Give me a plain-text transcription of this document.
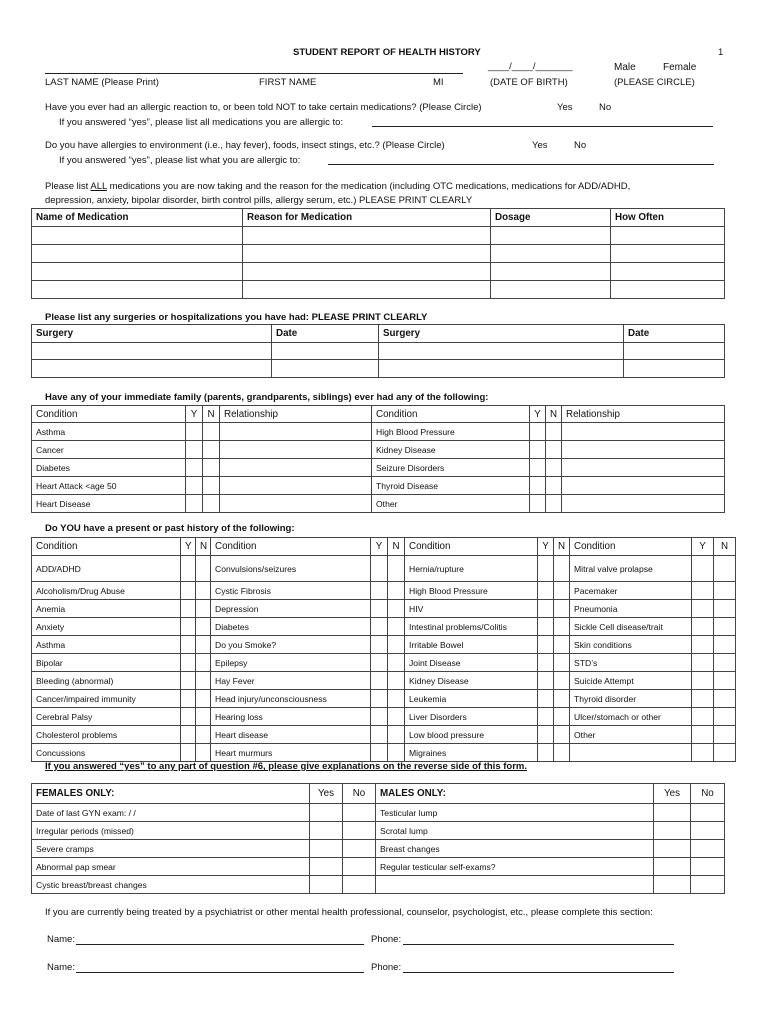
STUDENT REPORT OF HEALTH HISTORY	1
____/____/_______	Male	Female
LAST NAME (Please Print)	FIRST NAME	MI	(DATE OF BIRTH)	(PLEASE CIRCLE)
Have you ever had an allergic reaction to, or been told NOT to take certain medications? (Please Circle)	Yes	No
If you answered “yes”, please list all medications you are allergic to:
Do you have allergies to environment (i.e., hay fever), foods, insect stings, etc.? (Please Circle)	Yes	No
If you answered “yes”, please list what you are allergic to:
Please list ALL medications you are now taking and the reason for the medication (including OTC medications, medications for ADD/ADHD,
depression, anxiety, bipolar disorder, birth control pills, allergy serum, etc.) PLEASE PRINT CLEARLY
Name of Medication	Reason for Medication	Dosage	How Often

Please list any surgeries or hospitalizations you have had: PLEASE PRINT CLEARLY
Surgery	Date	Surgery	Date

Have any of your immediate family (parents, grandparents, siblings) ever had any of the following:
Condition	Y	N	Relationship	Condition	Y	N	Relationship
Asthma				High Blood Pressure			
Cancer				Kidney Disease			
Diabetes				Seizure Disorders			
Heart Attack <age 50				Thyroid Disease			
Heart Disease				Other			
Do YOU have a present or past history of the following:
Condition	Y	N	Condition	Y	N	Condition	Y	N	Condition	Y	N
ADD/ADHD			Convulsions/seizures			Hernia/rupture			Mitral valve prolapse		
Alcoholism/Drug Abuse			Cystic Fibrosis			High Blood Pressure			Pacemaker		
Anemia			Depression			HIV			Pneumonia		
Anxiety			Diabetes			Intestinal problems/Colitis			Sickle Cell disease/trait		
Asthma			Do you Smoke?			Irritable Bowel			Skin conditions		
Bipolar			Epilepsy			Joint Disease			STD’s		
Bleeding (abnormal)			Hay Fever			Kidney Disease			Suicide Attempt		
Cancer/impaired immunity			Head injury/unconsciousness			Leukemia			Thyroid disorder		
Cerebral Palsy			Hearing loss			Liver Disorders			Ulcer/stomach or other		
Cholesterol problems			Heart disease			Low blood pressure			Other		
Concussions			Heart murmurs			Migraines					
If you answered “yes” to any part of question #6, please give explanations on the reverse side of this form.
FEMALES ONLY:	Yes	No	MALES ONLY:	Yes	No
Date of last GYN exam: / /			Testicular lump		
Irregular periods (missed)			Scrotal lump		
Severe cramps			Breast changes		
Abnormal pap smear			Regular testicular self-exams?		
Cystic breast/breast changes					
If you are currently being treated by a psychiatrist or other mental health professional, counselor, psychologist, etc., please complete this section:
Name:	Phone:
Name:	Phone:
